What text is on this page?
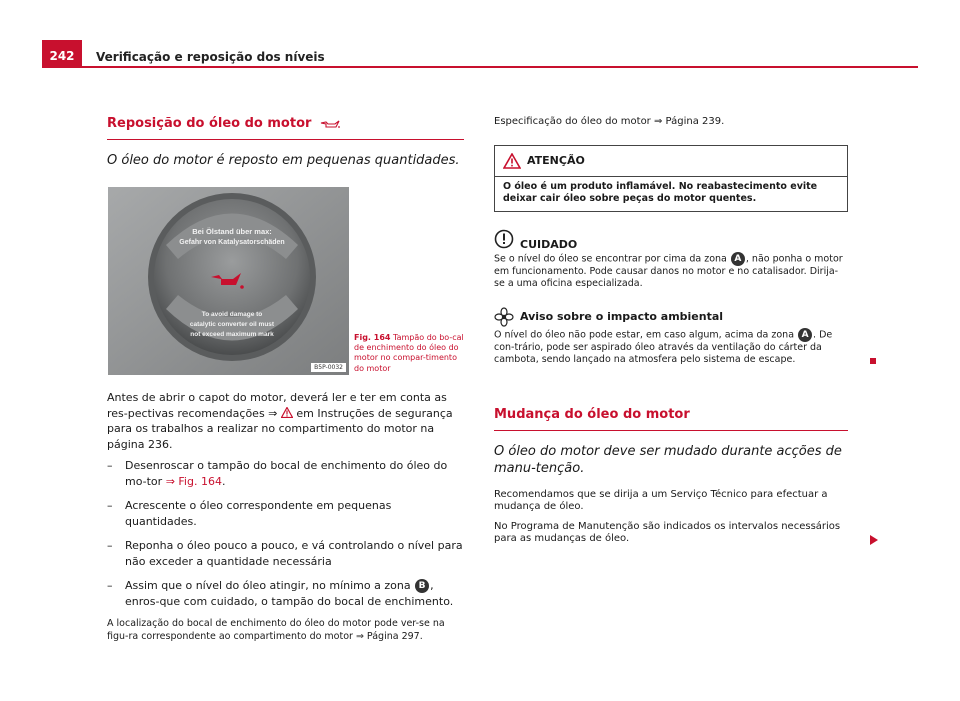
242	Verificação e reposição dos níveis
Reposição do óleo do motor

O óleo do motor é reposto em pequenas quantidades.

Bei Ölstand über max:
Gefahr von Katalysatorschäden
To avoid damage to
catalytic converter oil must
not exceed maximum mark
B5P-0032
Fig. 164 Tampão do bo-cal de enchimento do óleo do motor no compar-timento do motor

Antes de abrir o capot do motor, deverá ler e ter em conta as res-pectivas recomendações ⇒ em Instruções de segurança para os trabalhos a realizar no compartimento do motor na página 236.

– Desenroscar o tampão do bocal de enchimento do óleo do mo-tor ⇒ Fig. 164.
– Acrescente o óleo correspondente em pequenas quantidades.
– Reponha o óleo pouco a pouco, e vá controlando o nível para não exceder a quantidade necessária
– Assim que o nível do óleo atingir, no mínimo a zona B , enros-que com cuidado, o tampão do bocal de enchimento.

A localização do bocal de enchimento do óleo do motor pode ver-se na figu-ra correspondente ao compartimento do motor ⇒ Página 297.

Especificação do óleo do motor ⇒ Página 239.

ATENÇÃO
O óleo é um produto inflamável. No reabastecimento evite deixar cair óleo sobre peças do motor quentes.
CUIDADO

Se o nível do óleo se encontrar por cima da zona A , não ponha o motor em funcionamento. Pode causar danos no motor e no catalisador. Dirija-se a uma oficina especializada.

Aviso sobre o impacto ambiental

O nível do óleo não pode estar, em caso algum, acima da zona A . De con-trário, pode ser aspirado óleo através da ventilação do cárter da cambota, sendo lançado na atmosfera pelo sistema de escape.

Mudança do óleo do motor

O óleo do motor deve ser mudado durante acções de manu-tenção.

Recomendamos que se dirija a um Serviço Técnico para efectuar a mudança de óleo.

No Programa de Manutenção são indicados os intervalos necessários para as mudanças de óleo.
